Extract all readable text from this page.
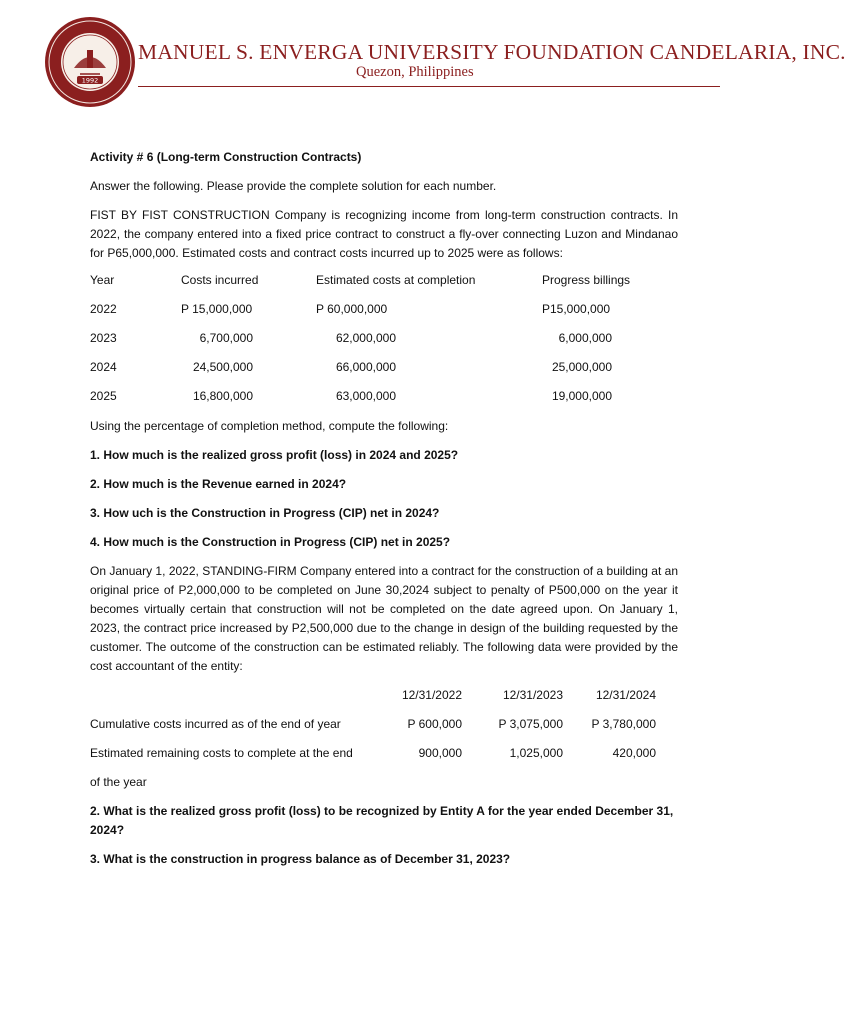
1992
MANUEL S. ENVERGA UNIVERSITY FOUNDATION CANDELARIA, INC.
Quezon, Philippines

Activity # 6 (Long-term Construction Contracts)

Answer the following. Please provide the complete solution for each number.

FIST BY FIST CONSTRUCTION Company is recognizing income from long-term construction contracts. In 2022, the company entered into a fixed price contract to construct a fly-over connecting Luzon and Mindanao for P65,000,000. Estimated costs and contract costs incurred up to 2025 were as follows:

Year	Costs incurred	Estimated costs at completion	Progress billings
2022	P 15,000,000	P 60,000,000	P15,000,000
2023	6,700,000	62,000,000	6,000,000
2024	24,500,000	66,000,000	25,000,000
2025	16,800,000	63,000,000	19,000,000

Using the percentage of completion method, compute the following:

1. How much is the realized gross profit (loss) in 2024 and 2025?

2. How much is the Revenue earned in 2024?

3. How uch is the Construction in Progress (CIP) net in 2024?

4. How much is the Construction in Progress (CIP) net in 2025?

On January 1, 2022, STANDING-FIRM Company entered into a contract for the construction of a building at an original price of P2,000,000 to be completed on June 30,2024 subject to penalty of P500,000 on the year it becomes virtually certain that construction will not be completed on the date agreed upon. On January 1, 2023, the contract price increased by P2,500,000 due to the change in design of the building requested by the customer. The outcome of the construction can be estimated reliably. The following data were provided by the cost accountant of the entity:

12/31/2022	12/31/2023	12/31/2024
Cumulative costs incurred as of the end of year	P 600,000	P 3,075,000	P 3,780,000
Estimated remaining costs to complete at the end	900,000	1,025,000	420,000
of the year

2. What is the realized gross profit (loss) to be recognized by Entity A for the year ended December 31, 2024?

3. What is the construction in progress balance as of December 31, 2023?
